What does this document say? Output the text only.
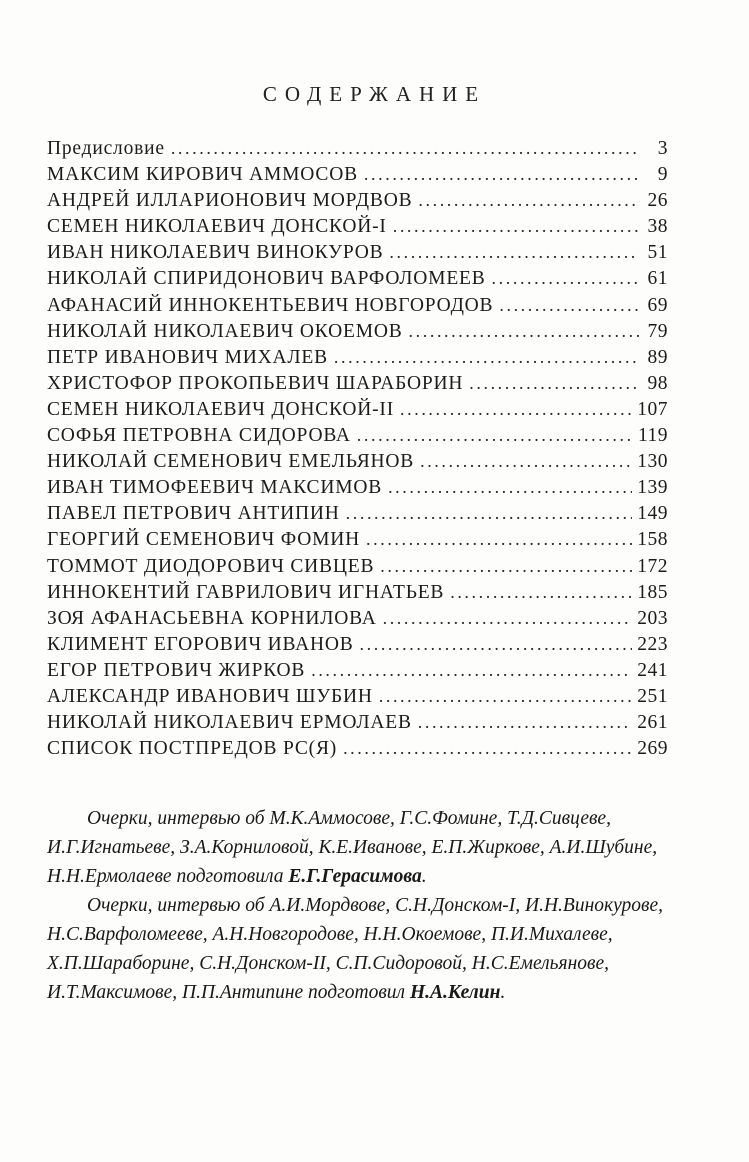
СОДЕРЖАНИЕ
Предисловие .....	3
МАКСИМ КИРОВИЧ АММОСОВ .....	9
АНДРЕЙ ИЛЛАРИОНОВИЧ МОРДВОВ .....	26
СЕМЕН НИКОЛАЕВИЧ ДОНСКОЙ-I .....	38
ИВАН НИКОЛАЕВИЧ ВИНОКУРОВ .....	51
НИКОЛАЙ СПИРИДОНОВИЧ ВАРФОЛОМЕЕВ .....	61
АФАНАСИЙ ИННОКЕНТЬЕВИЧ НОВГОРОДОВ .....	69
НИКОЛАЙ НИКОЛАЕВИЧ ОКОЕМОВ .....	79
ПЕТР ИВАНОВИЧ МИХАЛЕВ .....	89
ХРИСТОФОР ПРОКОПЬЕВИЧ ШАРАБОРИН .....	98
СЕМЕН НИКОЛАЕВИЧ ДОНСКОЙ-II .....	107
СОФЬЯ ПЕТРОВНА СИДОРОВА .....	119
НИКОЛАЙ СЕМЕНОВИЧ ЕМЕЛЬЯНОВ .....	130
ИВАН ТИМОФЕЕВИЧ МАКСИМОВ .....	139
ПАВЕЛ ПЕТРОВИЧ АНТИПИН .....	149
ГЕОРГИЙ СЕМЕНОВИЧ ФОМИН .....	158
ТОММОТ ДИОДОРОВИЧ СИВЦЕВ .....	172
ИННОКЕНТИЙ ГАВРИЛОВИЧ ИГНАТЬЕВ .....	185
ЗОЯ АФАНАСЬЕВНА КОРНИЛОВА .....	203
КЛИМЕНТ ЕГОРОВИЧ ИВАНОВ .....	223
ЕГОР ПЕТРОВИЧ ЖИРКОВ .....	241
АЛЕКСАНДР ИВАНОВИЧ ШУБИН .....	251
НИКОЛАЙ НИКОЛАЕВИЧ ЕРМОЛАЕВ .....	261
СПИСОК ПОСТПРЕДОВ РС(Я) .....	269

Очерки, интервью об М.К.Аммосове, Г.С.Фомине, Т.Д.Сивцеве, И.Г.Игнатьеве, З.А.Корниловой, К.Е.Иванове, Е.П.Жиркове, А.И.Шубине, Н.Н.Ермолаеве подготовила Е.Г.Герасимова.

Очерки, интервью об А.И.Мордвове, С.Н.Донском-I, И.Н.Винокурове, Н.С.Варфоломееве, А.Н.Новгородове, Н.Н.Окоемове, П.И.Михалеве, Х.П.Шараборине, С.Н.Донском-II, С.П.Сидоровой, Н.С.Емельянове, И.Т.Максимове, П.П.Антипине подготовил Н.А.Келин.
